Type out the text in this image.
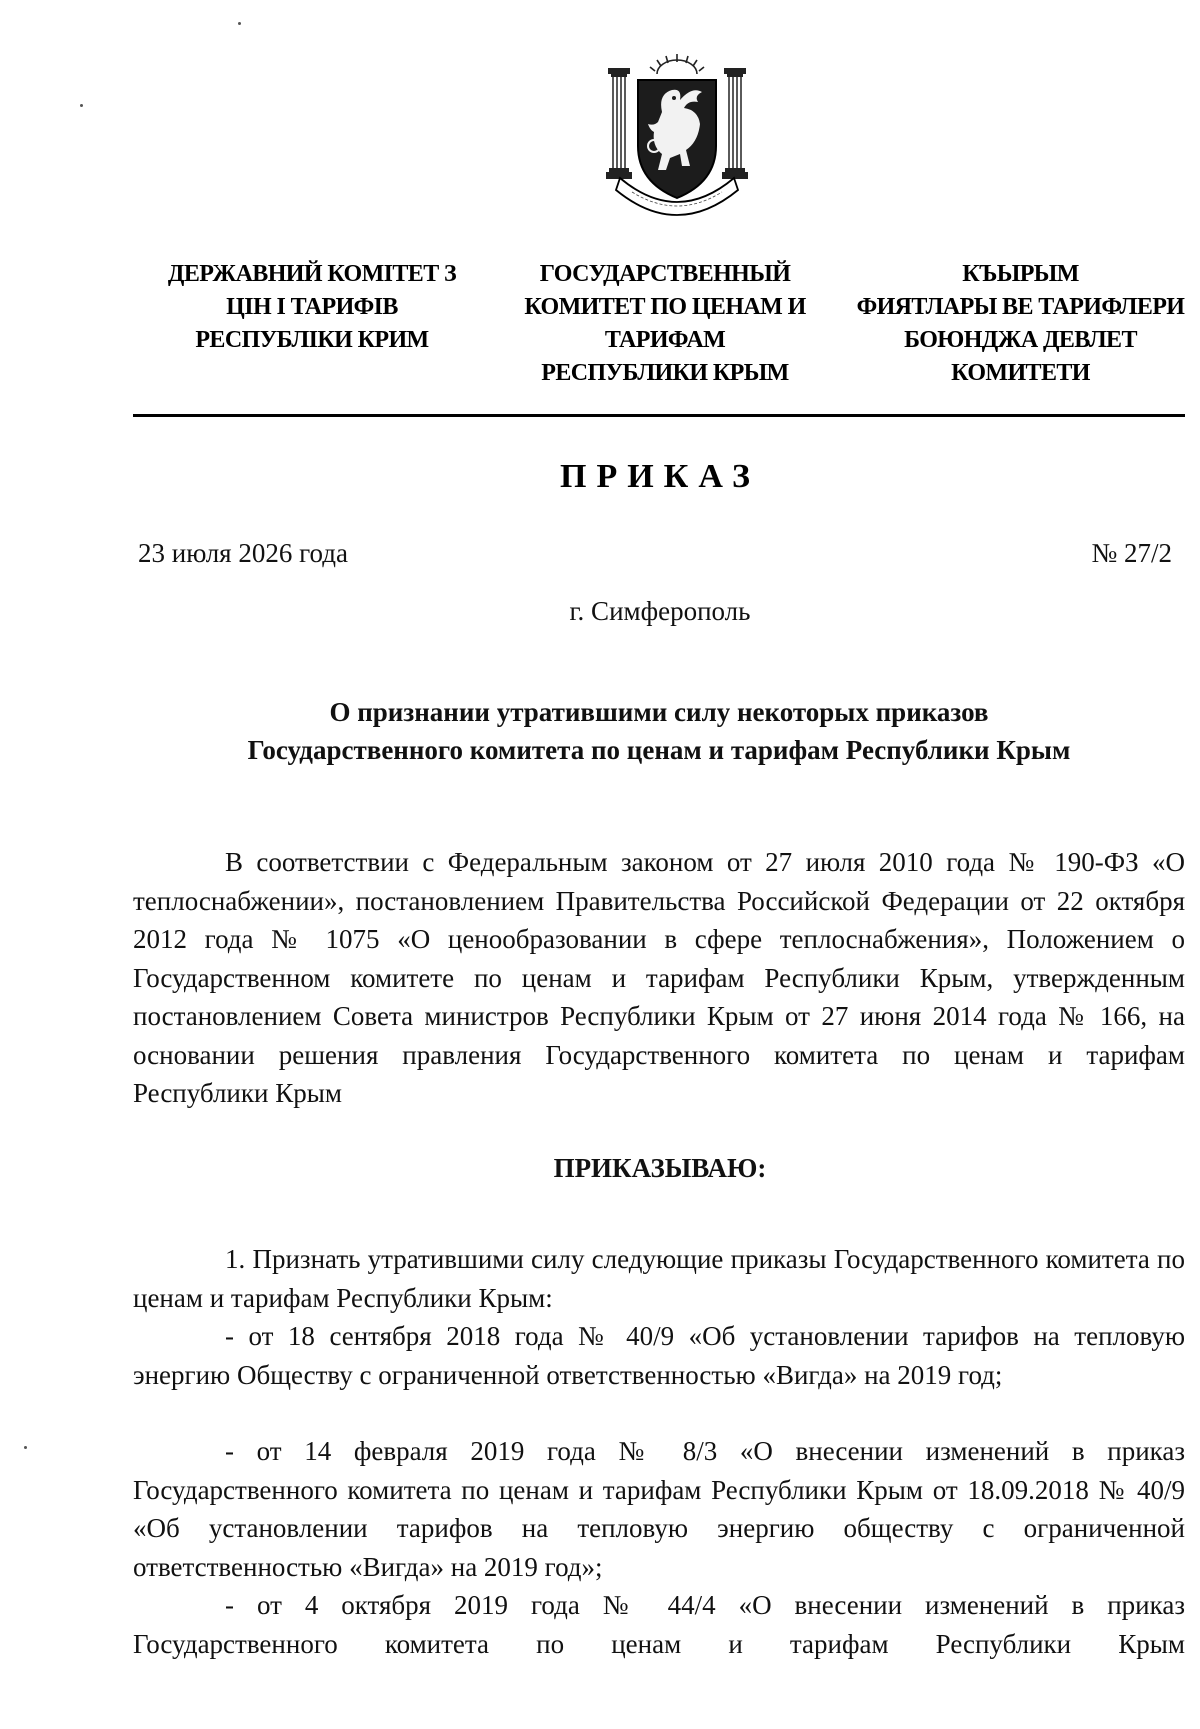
ДЕРЖАВНИЙ КОМІТЕТ З
ЦІН І ТАРИФІВ
РЕСПУБЛІКИ КРИМ
ГОСУДАРСТВЕННЫЙ
КОМИТЕТ ПО ЦЕНАМ И
ТАРИФАМ
РЕСПУБЛИКИ КРЫМ
КЪЫРЫМ
ФИЯТЛАРЫ ВЕ ТАРИФЛЕРИ
БОЮНДЖА ДЕВЛЕТ
КОМИТЕТИ
ПРИКАЗ
23 июля 2026 года	№ 27/2
г. Симферополь
О признании утратившими силу некоторых приказов
Государственного комитета по ценам и тарифам Республики Крым
В соответствии с Федеральным законом от 27 июля 2010 года № 190-ФЗ «О теплоснабжении», постановлением Правительства Российской Федерации от 22 октября 2012 года № 1075 «О ценообразовании в сфере теплоснабжения», Положением о Государственном комитете по ценам и тарифам Республики Крым, утвержденным постановлением Совета министров Республики Крым от 27 июня 2014 года № 166, на основании решения правления Государственного комитета по ценам и тарифам Республики Крым
ПРИКАЗЫВАЮ:
1. Признать утратившими силу следующие приказы Государственного комитета по ценам и тарифам Республики Крым:
- от 18 сентября 2018 года № 40/9 «Об установлении тарифов на тепловую энергию Обществу с ограниченной ответственностью «Вигда» на 2019 год;
- от 14 февраля 2019 года № 8/3 «О внесении изменений в приказ Государственного комитета по ценам и тарифам Республики Крым от 18.09.2018 № 40/9 «Об установлении тарифов на тепловую энергию обществу с ограниченной ответственностью «Вигда» на 2019 год»;
- от 4 октября 2019 года № 44/4 «О внесении изменений в приказ Государственного комитета по ценам и тарифам Республики Крым
